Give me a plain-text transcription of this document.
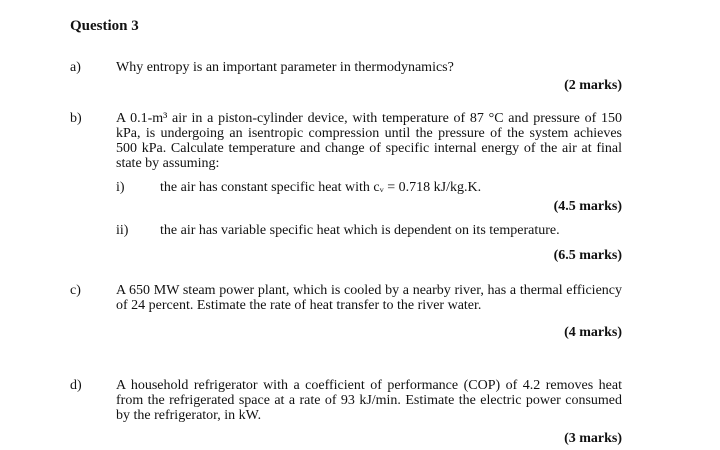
Question 3
a)	Why entropy is an important parameter in thermodynamics?
(2 marks)
b) A 0.1-m³ air in a piston-cylinder device, with temperature of 87 °C and pressure of 150 kPa, is undergoing an isentropic compression until the pressure of the system achieves 500 kPa. Calculate temperature and change of specific internal energy of the air at final state by assuming:
i)	the air has constant specific heat with cᵥ = 0.718 kJ/kg.K.
(4.5 marks)
ii) the air has variable specific heat which is dependent on its temperature.
(6.5 marks)
c)	A 650 MW steam power plant, which is cooled by a nearby river, has a thermal efficiency of 24 percent. Estimate the rate of heat transfer to the river water.
(4 marks)
d) A household refrigerator with a coefficient of performance (COP) of 4.2 removes heat from the refrigerated space at a rate of 93 kJ/min. Estimate the electric power consumed by the refrigerator, in kW.
(3 marks)
